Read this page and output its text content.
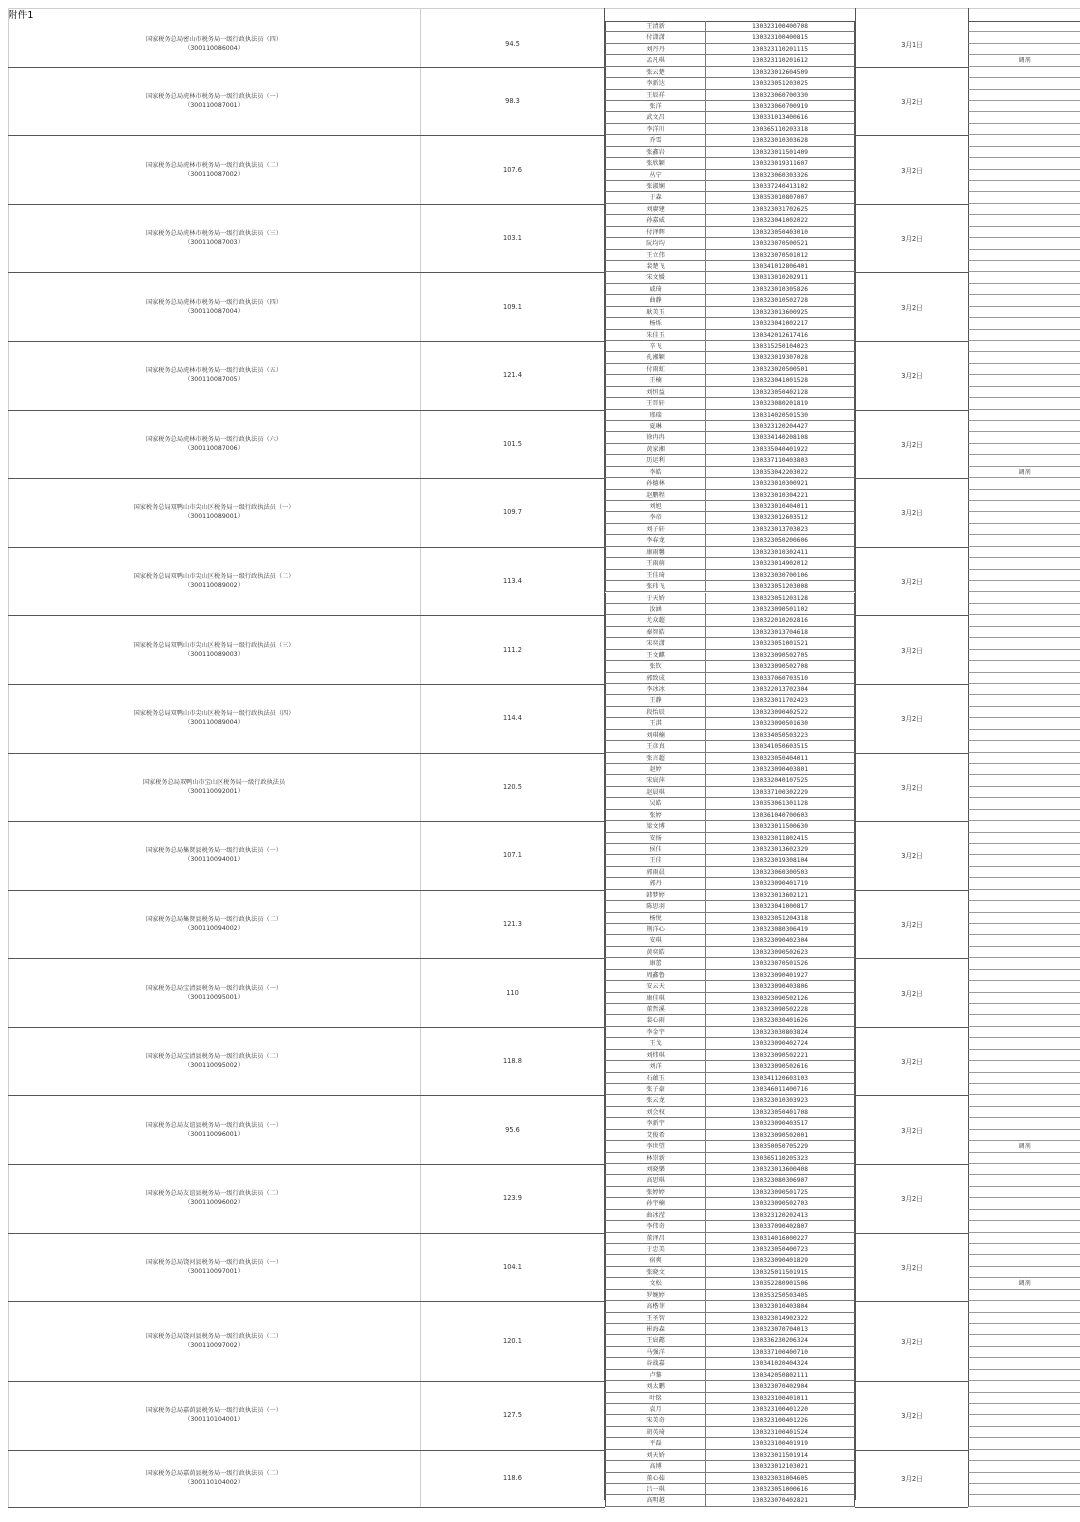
附件1
国家税务总局密山市税务局一级行政执法员（四）
（300110086004）
94.5	3月1日
王清新	130323100400708
付潇潇	130323100400815
刘丹丹	130323110201115
孟凡琪	130323110201612	调剂
国家税务总局虎林市税务局一级行政执法员（一）
（300110087001）
98.3	3月2日
张云楚	130323012604509
李新达	130323051203025
王辰祥	130323060700330
张洋	130323060700919
武文昌	130331013400616
李洋川	130365110203318
国家税务总局虎林市税务局一级行政执法员（二）
（300110087002）
107.6	3月2日
乔雪	130323010303628
张鑫岩	130323011501409
张欣颖	130323019311607
丛宁	130323060303326
张淑娴	130337240413102
于森	130353010807007
国家税务总局虎林市税务局一级行政执法员（三）
（300110087003）
103.1	3月2日
刘赓建	130323031702625
孙嘉威	130323041002022
付泽辉	130323050403010
阮均均	130323070500521
王立伟	130323070501012
裴楚飞	130341012806401
国家税务总局虎林市税务局一级行政执法员（四）
（300110087004）
109.1	3月2日
宋文媛	130313010202911
戚琦	130323010305826
曲静	130323010502728
耿美玉	130323013600925
杨烁	130323041002217
朱佳玉	130342012617416
国家税务总局虎林市税务局一级行政执法员（五）
（300110087005）
121.4	3月2日
辛飞	130315250104023
孔湘颖	130323019307028
付雨虹	130323020500501
王楠	130323041001528
刘恒益	130323050402128
王晋轩	130323080201819
国家税务总局虎林市税务局一级行政执法员（六）
（300110087006）
101.5	3月2日
邢瑞	130314020501530
夏琳	130323120204427
徐冉冉	130334140208108
黄家湘	130335040401922
历运利	130337110403803
李皓	130353042203022	调剂
国家税务总局双鸭山市尖山区税务局一级行政执法员（一）
（300110089001）
109.7	3月2日
孙德林	130323010300921
赵鹏程	130323010304221
刘旭	130323010404011
李帝	130323012603512
刘子轩	130323013703023
李春龙	130323050200606
国家税务总局双鸭山市尖山区税务局一级行政执法员（二）
（300110089002）
113.4	3月2日
康雨馨	130323010302411
王雨萌	130323014902012
王佳琦	130323030700106
张玮飞	130323051203008
于天娇	130323051203128
汝涵	130323090501102
国家税务总局双鸭山市尖山区税务局一级行政执法员（三）
（300110089003）
111.2	3月2日
尤众超	130322010202816
秦智皓	130323013704618
宋奕潇	130323051001521
王文麒	130323090502705
张钦	130323090502708
郭致成	130337060703510
国家税务总局双鸭山市尖山区税务局一级行政执法员（四）
（300110089004）
114.4	3月2日
李冰冰	130322013702304
王静	130323011702423
段怡辰	130323090402522
王淇	130323090501630
刘琪楠	130334050503223
王彦真	130341050603515
国家税务总局双鸭山市宝山区税务局一级行政执法员
（300110092001）
120.5	3月2日
张言超	130323050404011
赵婷	130323090403801
宋宸萍	130332040107525
赵晨琪	130337100302229
吴皓	130353061301128
张婷	130361040700603
国家税务总局集贤县税务局一级行政执法员（一）
（300110094001）
107.1	3月2日
梁文博	130323011500630
安扬	130323011802415
侯佳	130323013602329
王佳	130323019308104
郭雨晨	130323060300503
郭丹	130323090401719
国家税务总局集贤县税务局一级行政执法员（二）
（300110094002）
121.3	3月2日
韩梦婷	130323013602121
陈思羽	130323041000817
杨悦	130323051204318
荆洋心	130323080306419
安琪	130323090402304
黄奕皓	130323090502623
国家税务总局宝清县税务局一级行政执法员（一）
（300110095001）
110	3月2日
康蕾	130323070501526
周鑫鲁	130323090401927
安云天	130323090403806
康佳琪	130323090502126
董哲溪	130323090502228
裴心雨	130323030401626
国家税务总局宝清县税务局一级行政执法员（二）
（300110095002）
118.8	3月2日
李金宇	130323030803824
王戈	130323090402724
刘炜琪	130323090502221
刘洋	130323090502616
石蕴玉	130341120603103
张子豪	130346011400716
国家税务总局友谊县税务局一级行政执法员（一）
（300110096001）
95.6	3月2日
张云龙	130323010303923
刘会权	130323050401708
李新宇	130323090403517
艾俊希	130323090502001
李世望	130350050705229	调剂
林崇新	130365110205323
国家税务总局友谊县税务局一级行政执法员（二）
（300110096002）
123.9	3月2日
刘晓樂	130323013600408
高思琪	130323080306907
张婷婷	130323090501725
孙宇楠	130323090502703
曲冰滢	130323120202413
李伟奇	130337090402807
国家税务总局饶河县税务局一级行政执法员（一）
（300110097001）
104.1	3月2日
董泽昌	130314016000227
于忠美	130323050400723
宿爽	130323090401829
张晓文	130325011501915
文松	130352280901506	调剂
罗婉婷	130353250503405
国家税务总局饶河县税务局一级行政执法员（二）
（300110097002）
120.1	3月2日
高楷菲	130323010403804
王圣智	130323014902322
崔海森	130323070704013
王宸懿	130336230206324
马强洋	130337100400710
谷战嘉	130341020404324
卢黎	130342050802111
国家税务总局嘉荫县税务局一级行政执法员（一）
（300110104001）
127.5	3月2日
刘太鹏	130323070402904
叶铭	130323100401011
袁月	130323100401220
宋美奇	130323100401226
胡英琦	130323100401524
平磊	130323100401919
国家税务总局嘉荫县税务局一级行政执法员（二）
（300110104002）
118.6	3月2日
刘天娇	130323011501914
高博	130323012103021
董心茹	130323031004605
吕一琪	130323051000616
高明越	130323070402821
